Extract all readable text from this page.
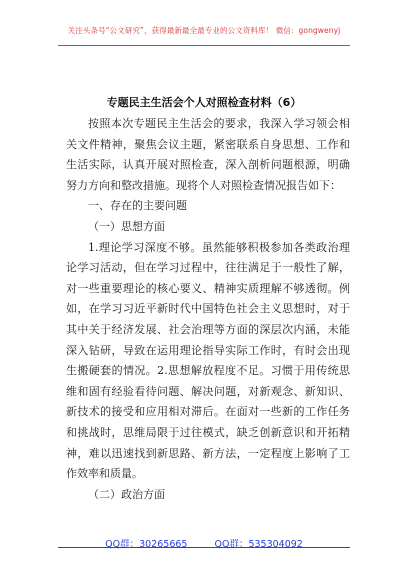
关注头条号“公文研究”，获得最新最全最专业的公文资料库！ 微信：gongwenyj
专题民主生活会个人对照检查材料（6）

按照本次专题民主生活会的要求，我深入学习领会相关文件精神，聚焦会议主题，紧密联系自身思想、工作和生活实际，认真开展对照检查，深入剖析问题根源，明确努力方向和整改措施。现将个人对照检查情况报告如下：

一、存在的主要问题

（一）思想方面

1.理论学习深度不够。虽然能够积极参加各类政治理论学习活动，但在学习过程中，往往满足于一般性了解，对一些重要理论的核心要义、精神实质理解不够透彻。例如，在学习习近平新时代中国特色社会主义思想时，对于其中关于经济发展、社会治理等方面的深层次内涵，未能深入钻研，导致在运用理论指导实际工作时，有时会出现生搬硬套的情况。2.思想解放程度不足。习惯于用传统思维和固有经验看待问题、解决问题，对新观念、新知识、新技术的接受和应用相对滞后。在面对一些新的工作任务和挑战时，思维局限于过往模式，缺乏创新意识和开拓精神，难以迅速找到新思路、新方法，一定程度上影响了工作效率和质量。

（二）政治方面

QQ群：30265665	QQ群：535304092
